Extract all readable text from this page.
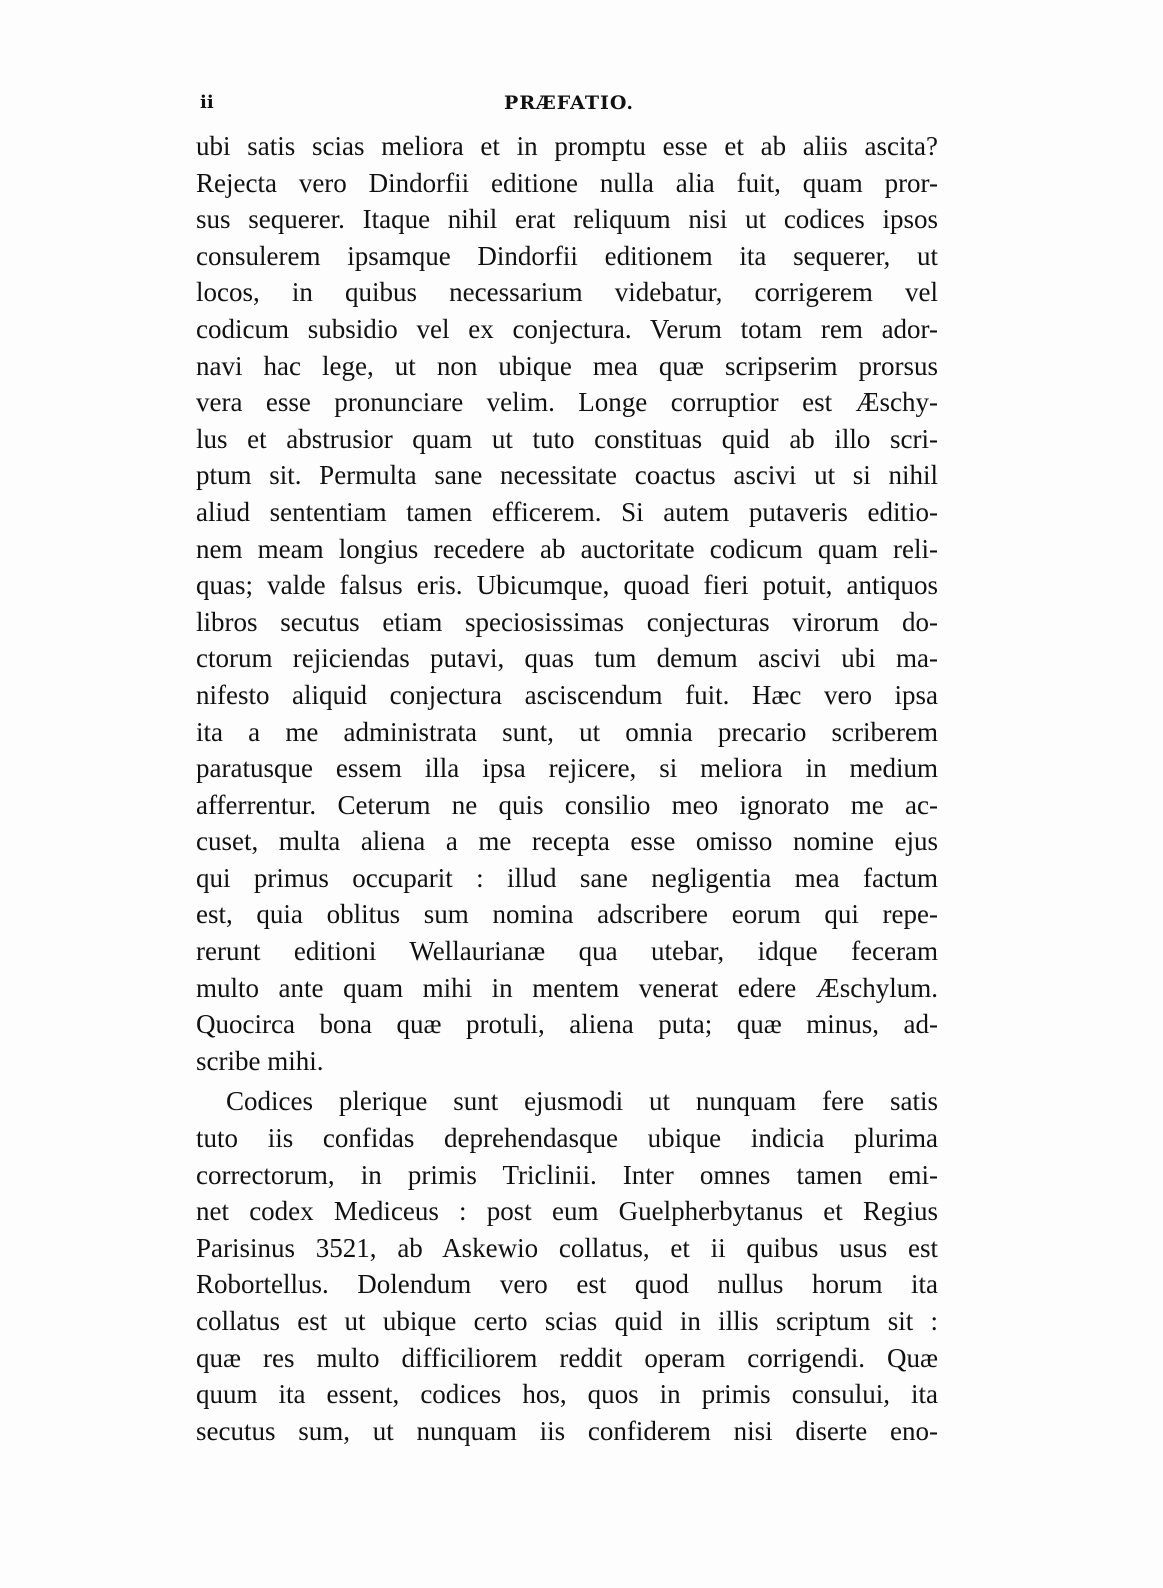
ii	PRÆFATIO.
ubi satis scias meliora et in promptu esse et ab aliis ascita?
Rejecta vero Dindorfii editione nulla alia fuit, quam pror-
sus sequerer. Itaque nihil erat reliquum nisi ut codices ipsos
consulerem ipsamque Dindorfii editionem ita sequerer, ut
locos, in quibus necessarium videbatur, corrigerem vel
codicum subsidio vel ex conjectura. Verum totam rem ador-
navi hac lege, ut non ubique mea quæ scripserim prorsus
vera esse pronunciare velim. Longe corruptior est Æschy-
lus et abstrusior quam ut tuto constituas quid ab illo scri-
ptum sit. Permulta sane necessitate coactus ascivi ut si nihil
aliud sententiam tamen efficerem. Si autem putaveris editio-
nem meam longius recedere ab auctoritate codicum quam reli-
quas; valde falsus eris. Ubicumque, quoad fieri potuit, antiquos
libros secutus etiam speciosissimas conjecturas virorum do-
ctorum rejiciendas putavi, quas tum demum ascivi ubi ma-
nifesto aliquid conjectura asciscendum fuit. Hæc vero ipsa
ita a me administrata sunt, ut omnia precario scriberem
paratusque essem illa ipsa rejicere, si meliora in medium
afferrentur. Ceterum ne quis consilio meo ignorato me ac-
cuset, multa aliena a me recepta esse omisso nomine ejus
qui primus occuparit : illud sane negligentia mea factum
est, quia oblitus sum nomina adscribere eorum qui repe-
rerunt editioni Wellaurianæ qua utebar, idque feceram
multo ante quam mihi in mentem venerat edere Æschylum.
Quocirca bona quæ protuli, aliena puta; quæ minus, ad-
scribe mihi.
Codices plerique sunt ejusmodi ut nunquam fere satis
tuto iis confidas deprehendasque ubique indicia plurima
correctorum, in primis Triclinii. Inter omnes tamen emi-
net codex Mediceus : post eum Guelpherbytanus et Regius
Parisinus 3521, ab Askewio collatus, et ii quibus usus est
Robortellus. Dolendum vero est quod nullus horum ita
collatus est ut ubique certo scias quid in illis scriptum sit :
quæ res multo difficiliorem reddit operam corrigendi. Quæ
quum ita essent, codices hos, quos in primis consului, ita
secutus sum, ut nunquam iis confiderem nisi diserte eno-
